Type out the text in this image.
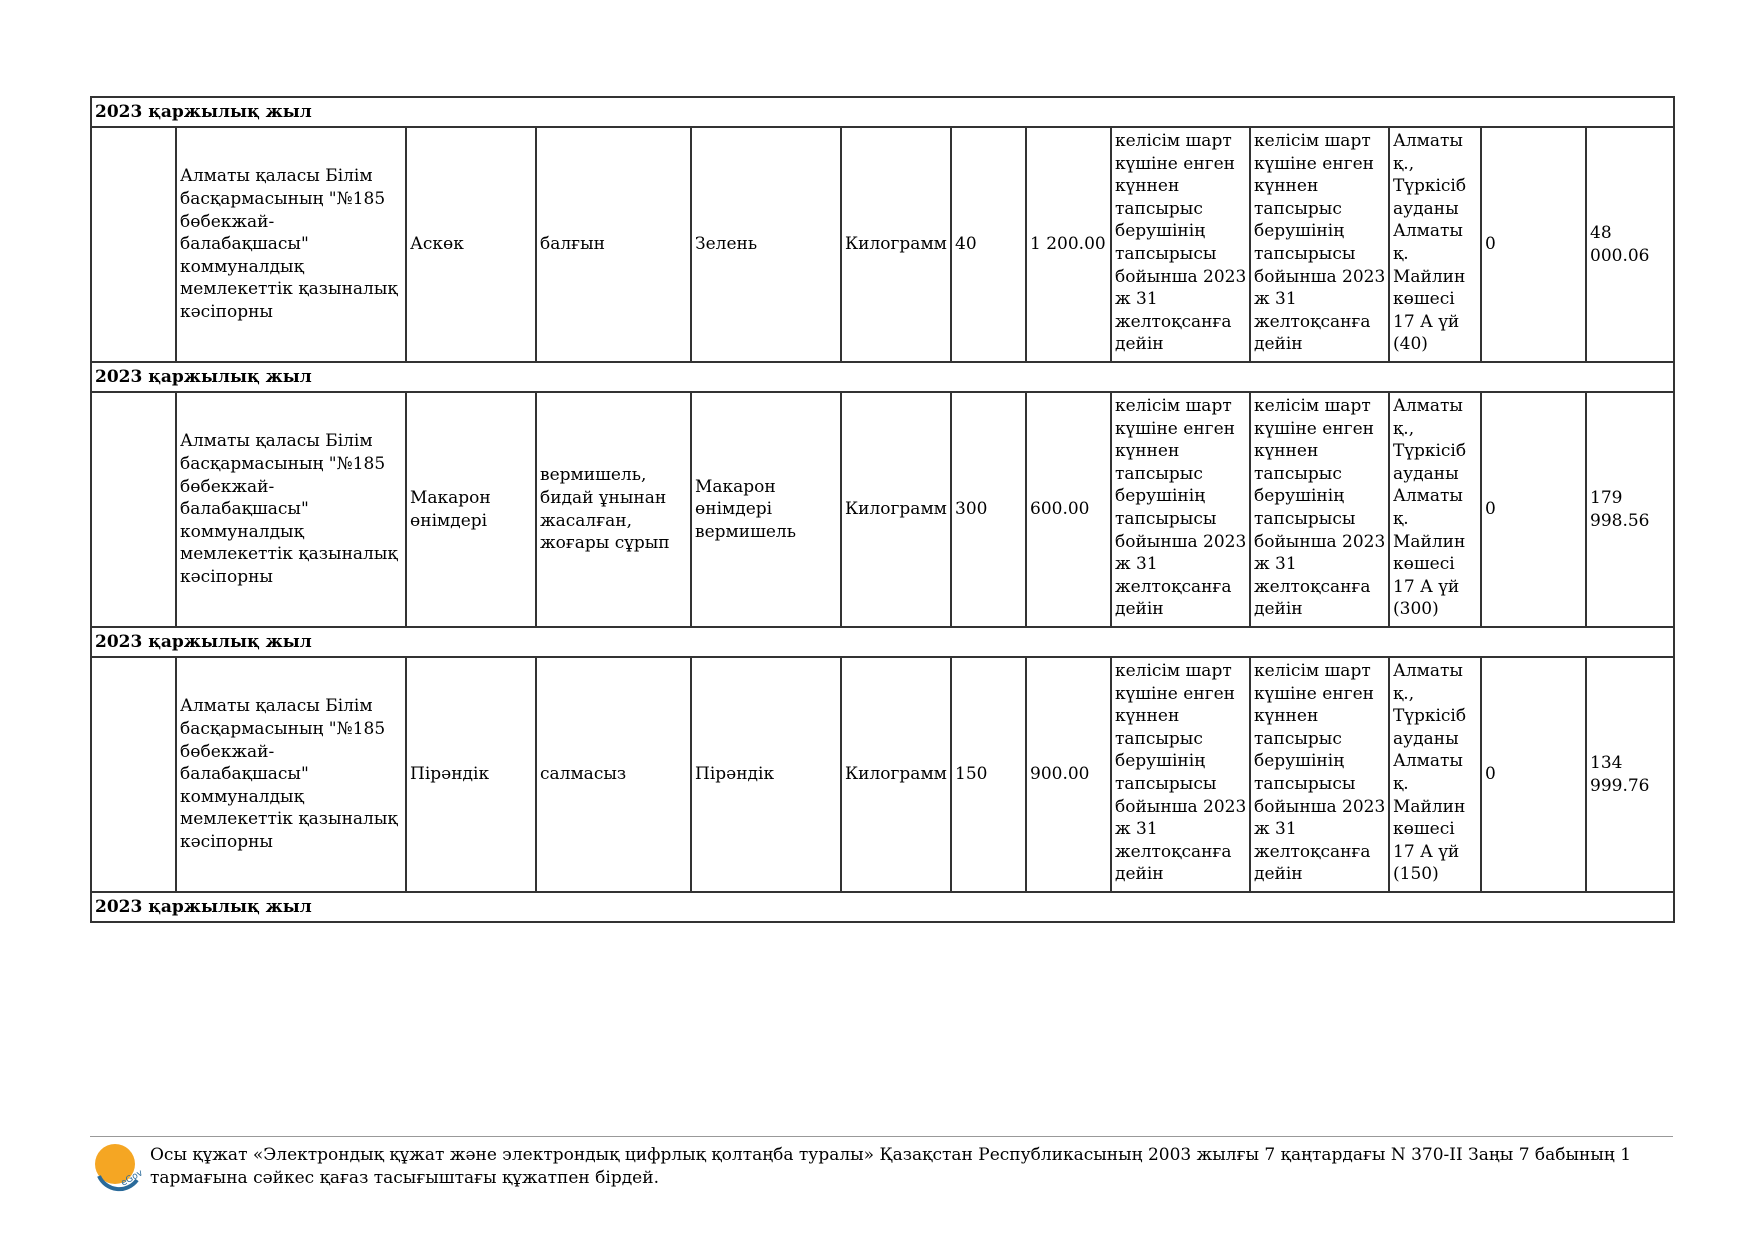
2023 қаржылық жыл												
	Алматы қаласы Білім басқармасының "№185 бөбекжай-балабақшасы" коммуналдық мемлекеттік қазыналық кәсіпорны	Аскөк	балғын	Зелень	Килограмм	40	1 200.00	келісім шарт күшіне енген күннен тапсырыс берушінің тапсырысы бойынша 2023 ж 31 желтоқсанға дейін	келісім шарт күшіне енген күннен тапсырыс берушінің тапсырысы бойынша 2023 ж 31 желтоқсанға дейін	Алматы қ., Түркісіб ауданы Алматы қ. Майлин көшесі 17 А үй (40)	0	48 000.06
2023 қаржылық жыл												
	Алматы қаласы Білім басқармасының "№185 бөбекжай-балабақшасы" коммуналдық мемлекеттік қазыналық кәсіпорны	Макарон өнімдері	вермишель, бидай ұнынан жасалған, жоғары сұрып	Макарон өнімдері вермишель	Килограмм	300	600.00	келісім шарт күшіне енген күннен тапсырыс берушінің тапсырысы бойынша 2023 ж 31 желтоқсанға дейін	келісім шарт күшіне енген күннен тапсырыс берушінің тапсырысы бойынша 2023 ж 31 желтоқсанға дейін	Алматы қ., Түркісіб ауданы Алматы қ. Майлин көшесі 17 А үй (300)	0	179 998.56
2023 қаржылық жыл												
	Алматы қаласы Білім басқармасының "№185 бөбекжай-балабақшасы" коммуналдық мемлекеттік қазыналық кәсіпорны	Пірәндік	салмасыз	Пірәндік	Килограмм	150	900.00	келісім шарт күшіне енген күннен тапсырыс берушінің тапсырысы бойынша 2023 ж 31 желтоқсанға дейін	келісім шарт күшіне енген күннен тапсырыс берушінің тапсырысы бойынша 2023 ж 31 желтоқсанға дейін	Алматы қ., Түркісіб ауданы Алматы қ. Майлин көшесі 17 А үй (150)	0	134 999.76
2023 қаржылық жыл												
eGov
Осы құжат «Электрондық құжат және электрондық цифрлық қолтаңба туралы» Қазақстан Республикасының 2003 жылғы 7 қаңтардағы N 370-II Заңы 7 бабының 1 тармағына сәйкес қағаз тасығыштағы құжатпен бірдей.
